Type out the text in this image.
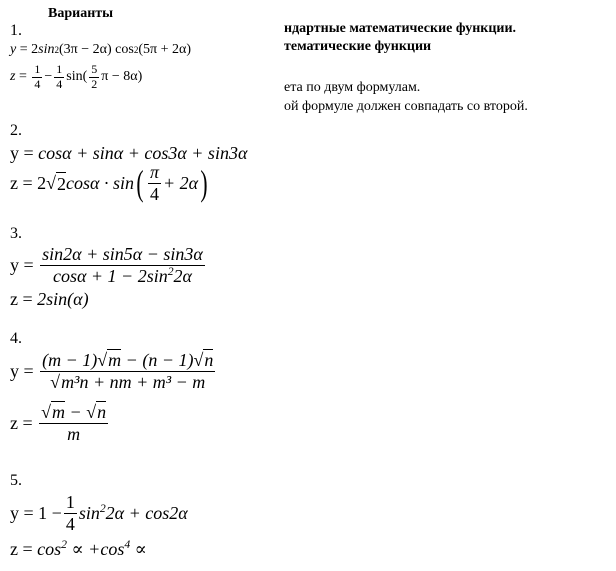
Варианты
ндартные математические функции.
тематические функции
ета по двум формулам.
ой формуле должен совпадать со второй.
1.
y
=
2 sin 2 (3π − 2α) cos 2 (5π + 2α)
z
=
$\frac{1}{4} - \frac{1}{4} \sin( \frac{5}{2}$ π − 8α)
2.
y
=
cosα + sinα + cos3α + sin3α
z
=
2√ 2 cosα · sin ( $\frac{\pi}{4} + 2\alpha$ )
3.
y
=
$\frac{\sin 2\alpha + \sin 5\alpha - \sin 3\alpha}{\cos\alpha + 1 - 2\sin^22\alpha}$
z
=
2sin(α)
4.
y
=
$\frac{(m - 1)√m - (n - 1)√n}{\text{√m³n + nm + m³ − m}}$
z
=
$\frac{√m - √n}{m}$
5.
y
=
$1 - \frac{1}{4} \sin^22\alpha + \cos 2\alpha$
z
=
$\cos^2 \propto +\cos^4$ ∝
